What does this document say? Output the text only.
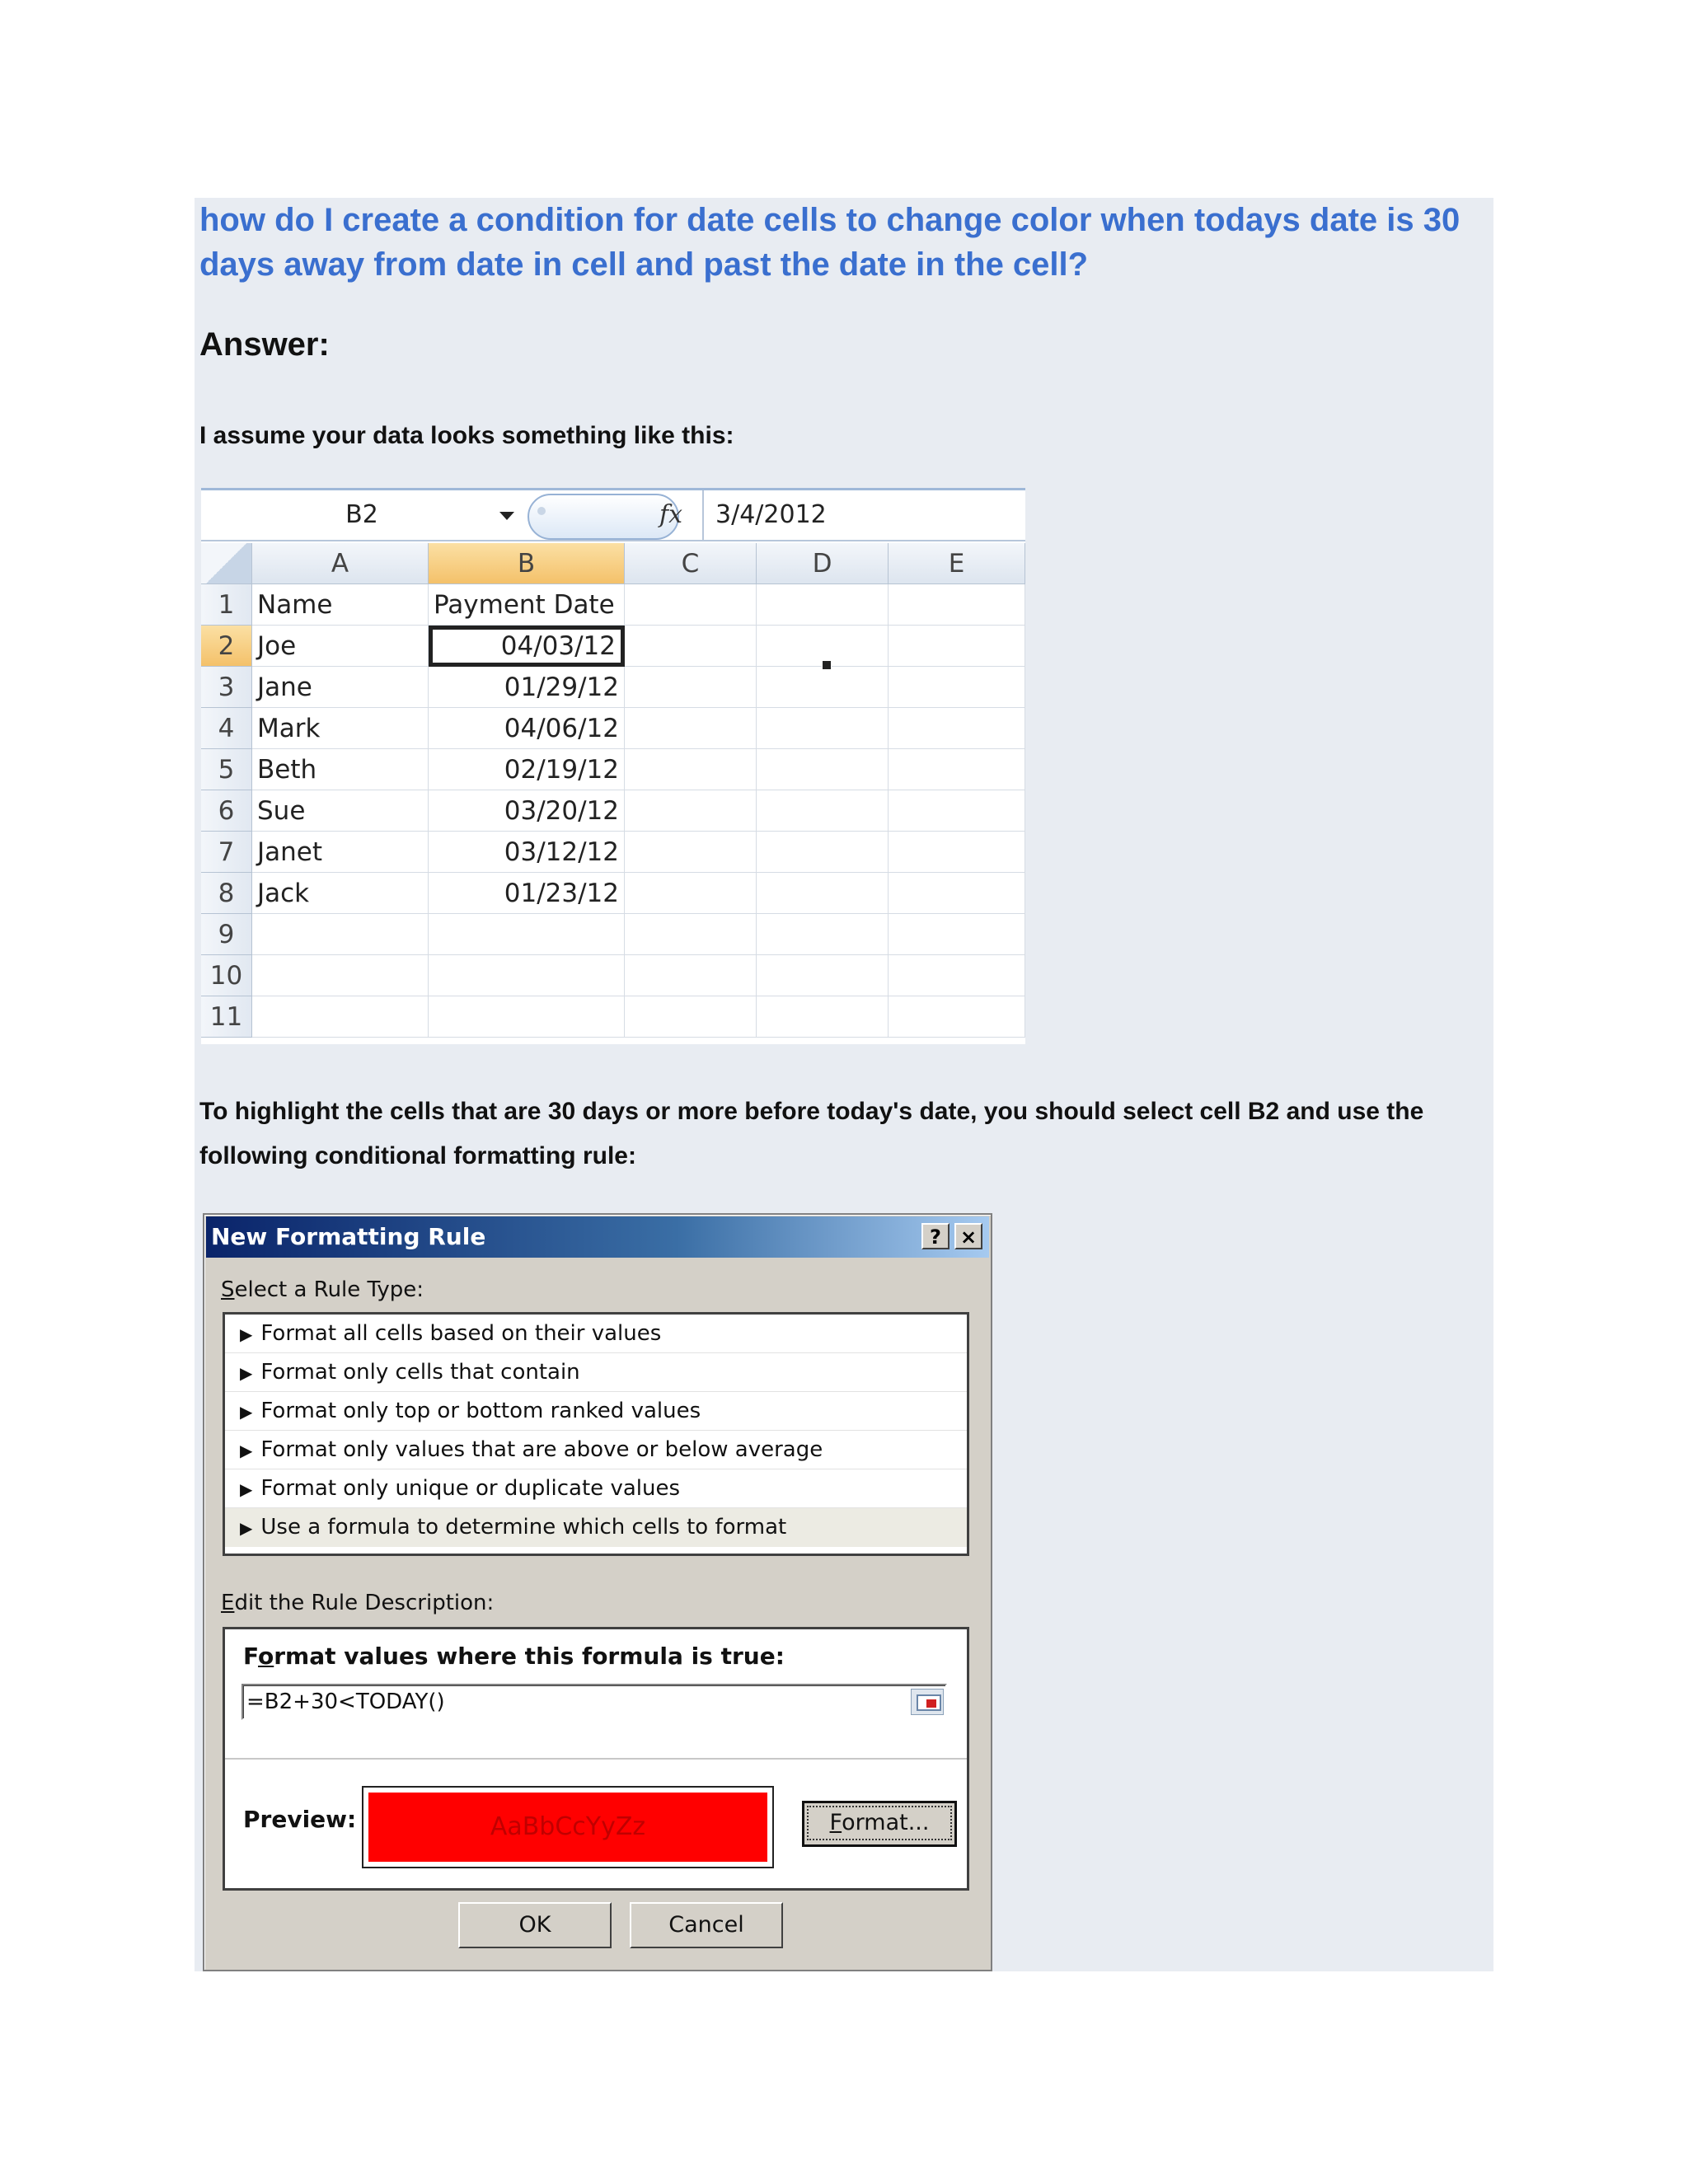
how do I create a condition for date cells to change color when todays date is 30 days away from date in cell and past the date in the cell?
Answer:

I assume your data looks something like this:

B2	fx 3/4/2012
A	B	C	D	E
1 Name	Payment Date
2 Joe	04/03/12
3 Jane	01/29/12
4 Mark	04/06/12
5 Beth	02/19/12
6 Sue	03/20/12
7 Janet	03/12/12
8 Jack	01/23/12
9
10
11

To highlight the cells that are 30 days or more before today's date, you should select cell B2 and use the following conditional formatting rule:

New Formatting Rule	? ×
Select a Rule Type:
▶ Format all cells based on their values
▶ Format only cells that contain
▶ Format only top or bottom ranked values
▶ Format only values that are above or below average
▶ Format only unique or duplicate values
▶ Use a formula to determine which cells to format
Edit the Rule Description:
Format values where this formula is true:
=B2+30<TODAY()
Preview:	AaBbCcYyZz	Format...
OK	Cancel
